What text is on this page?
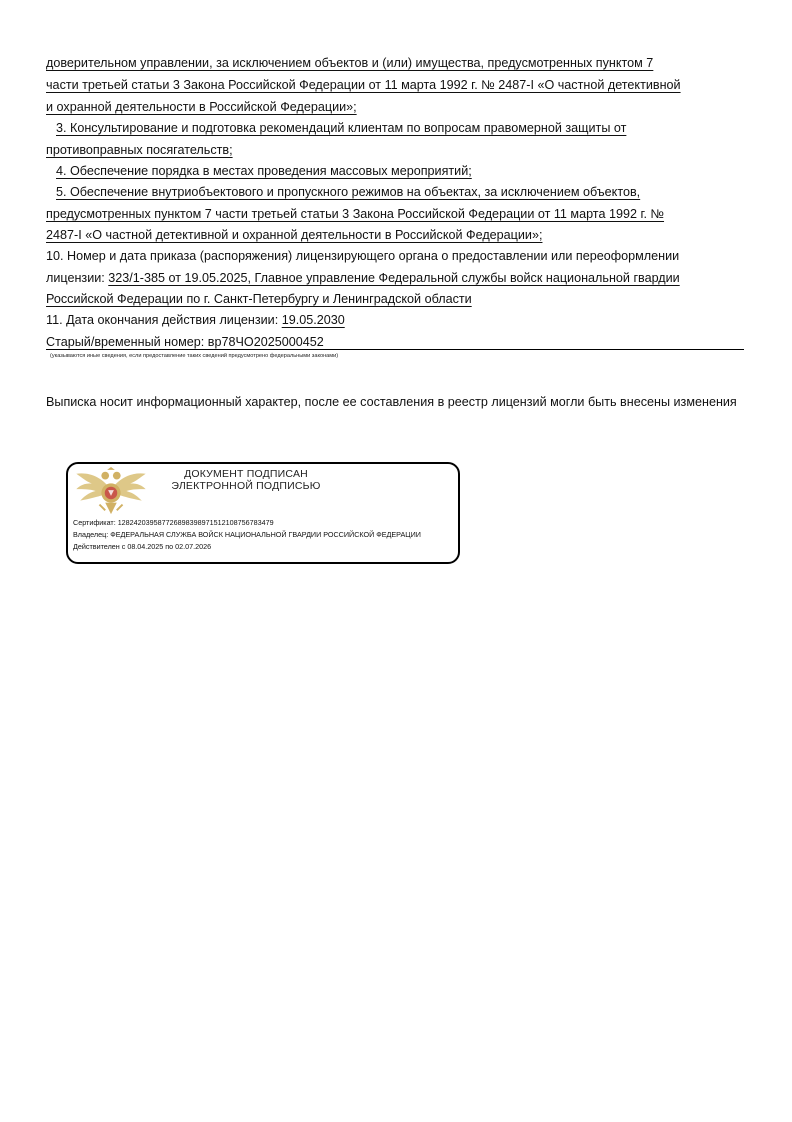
доверительном управлении, за исключением объектов и (или) имущества, предусмотренных пунктом 7
части третьей статьи 3 Закона Российской Федерации от 11 марта 1992 г. № 2487-I «О частной детективной
и охранной деятельности в Российской Федерации»;
3. Консультирование и подготовка рекомендаций клиентам по вопросам правомерной защиты от
противоправных посягательств;
4. Обеспечение порядка в местах проведения массовых мероприятий;
5. Обеспечение внутриобъектового и пропускного режимов на объектах, за исключением объектов,
предусмотренных пунктом 7 части третьей статьи 3 Закона Российской Федерации от 11 марта 1992 г. №
2487-I «О частной детективной и охранной деятельности в Российской Федерации»;
10. Номер и дата приказа (распоряжения) лицензирующего органа о предоставлении или переоформлении
лицензии: 323/1-385 от 19.05.2025, Главное управление Федеральной службы войск национальной гвардии
Российской Федерации по г. Санкт-Петербургу и Ленинградской области
11. Дата окончания действия лицензии: 19.05.2030
Старый/временный номер: вр78ЧО2025000452
(указываются иные сведения, если предоставление таких сведений предусмотрено федеральными законами)
Выписка носит информационный характер, после ее составления в реестр лицензий могли быть внесены изменения
ДОКУМЕНТ ПОДПИСАН
ЭЛЕКТРОННОЙ ПОДПИСЬЮ
Сертификат: 128242039587726898398971512108756783479
Владелец: ФЕДЕРАЛЬНАЯ СЛУЖБА ВОЙСК НАЦИОНАЛЬНОЙ ГВАРДИИ РОССИЙСКОЙ ФЕДЕРАЦИИ
Действителен с 08.04.2025 по 02.07.2026
